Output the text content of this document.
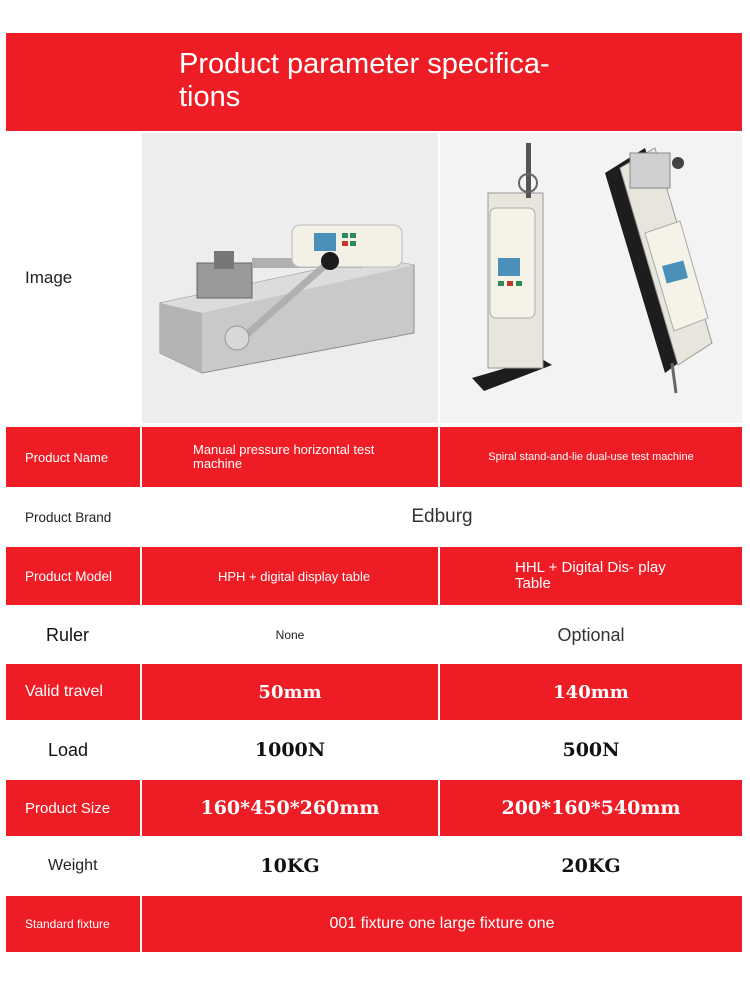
Product parameter specifica- tions
Image
Product Name	Manual pressure horizontal test machine	Spiral stand-and-lie dual-use test machine
Product Brand	Edburg
Product Model	HPH + digital display table	HHL + Digital Dis- play Table
Ruler	None	Optional
Valid travel	50mm	140mm
Load	1000N	500N
Product Size	160*450*260mm	200*160*540mm
Weight	10KG	20KG
Standard fixture	001 fixture one large fixture one
